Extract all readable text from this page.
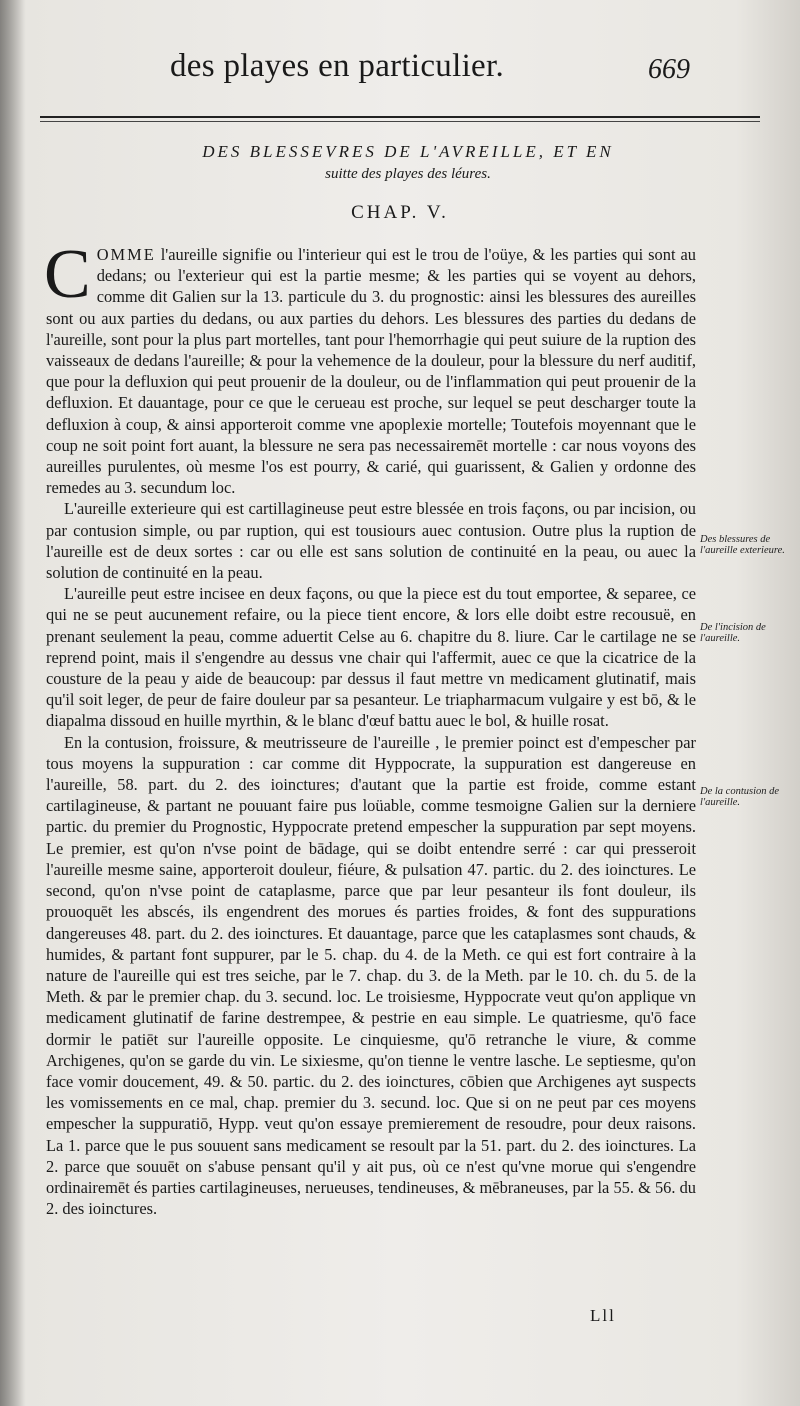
des playes en particulier.	669
DES BLESSEVRES DE L'AVREILLE, ET EN
suitte des playes des léures.
CHAP. V.

C OMME l'aureille signifie ou l'interieur qui est le trou de l'oüye, & les parties qui sont au dedans; ou l'exterieur qui est la partie mesme; & les parties qui se voyent au dehors, comme dit Galien sur la 13. particule du 3. du prognostic: ainsi les blessures des aureilles sont ou aux parties du dedans, ou aux parties du dehors. Les blessures des parties du dedans de l'aureille, sont pour la plus part mortelles, tant pour l'hemorrhagie qui peut suiure de la ruption des vaisseaux de dedans l'aureille; & pour la vehemence de la douleur, pour la blessure du nerf auditif, que pour la defluxion qui peut prouenir de la douleur, ou de l'inflammation qui peut prouenir de la defluxion. Et dauantage, pour ce que le cerueau est proche, sur lequel se peut descharger toute la defluxion à coup, & ainsi apporteroit comme vne apoplexie mortelle; Toutefois moyennant que le coup ne soit point fort auant, la blessure ne sera pas necessairemēt mortelle : car nous voyons des aureilles purulentes, où mesme l'os est pourry, & carié, qui guarissent, & Galien y ordonne des remedes au 3. secundum loc.

L'aureille exterieure qui est cartillagineuse peut estre blessée en trois façons, ou par incision, ou par contusion simple, ou par ruption, qui est tousiours auec contusion. Outre plus la ruption de l'aureille est de deux sortes : car ou elle est sans solution de continuité en la peau, ou auec la solution de continuité en la peau.

L'aureille peut estre incisee en deux façons, ou que la piece est du tout emportee, & separee, ce qui ne se peut aucunement refaire, ou la piece tient encore, & lors elle doibt estre recousuë, en prenant seulement la peau, comme aduertit Celse au 6. chapitre du 8. liure. Car le cartilage ne se reprend point, mais il s'engendre au dessus vne chair qui l'affermit, auec ce que la cicatrice de la cousture de la peau y aide de beaucoup: par dessus il faut mettre vn medicament glutinatif, mais qu'il soit leger, de peur de faire douleur par sa pesanteur. Le triapharmacum vulgaire y est bō, & le diapalma dissoud en huille myrthin, & le blanc d'œuf battu auec le bol, & huille rosat.

En la contusion, froissure, & meutrisseure de l'aureille , le premier poinct est d'empescher par tous moyens la suppuration : car comme dit Hyppocrate, la suppuration est dangereuse en l'aureille, 58. part. du 2. des ioinctures; d'autant que la partie est froide, comme estant cartilagineuse, & partant ne pouuant faire pus loüable, comme tesmoigne Galien sur la derniere partic. du premier du Prognostic, Hyppocrate pretend empescher la suppuration par sept moyens. Le premier, est qu'on n'vse point de bādage, qui se doibt entendre serré : car qui presseroit l'aureille mesme saine, apporteroit douleur, fiéure, & pulsation 47. partic. du 2. des ioinctures. Le second, qu'on n'vse point de cataplasme, parce que par leur pesanteur ils font douleur, ils prouoquēt les abscés, ils engendrent des morues és parties froides, & font des suppurations dangereuses 48. part. du 2. des ioinctures. Et dauantage, parce que les cataplasmes sont chauds, & humides, & partant font suppurer, par le 5. chap. du 4. de la Meth. ce qui est fort contraire à la nature de l'aureille qui est tres seiche, par le 7. chap. du 3. de la Meth. par le 10. ch. du 5. de la Meth. & par le premier chap. du 3. secund. loc. Le troisiesme, Hyppocrate veut qu'on applique vn medicament glutinatif de farine destrempee, & pestrie en eau simple. Le quatriesme, qu'ō face dormir le patiēt sur l'aureille opposite. Le cinquiesme, qu'ō retranche le viure, & comme Archigenes, qu'on se garde du vin. Le sixiesme, qu'on tienne le ventre lasche. Le septiesme, qu'on face vomir doucement, 49. & 50. partic. du 2. des ioinctures, cōbien que Archigenes ayt suspects les vomissements en ce mal, chap. premier du 3. secund. loc. Que si on ne peut par ces moyens empescher la suppuratiō, Hypp. veut qu'on essaye premierement de resoudre, pour deux raisons. La 1. parce que le pus souuent sans medicament se resoult par la 51. part. du 2. des ioinctures. La 2. parce que souuēt on s'abuse pensant qu'il y ait pus, où ce n'est qu'vne morue qui s'engendre ordinairemēt és parties cartilagineuses, nerueuses, tendineuses, & mēbraneuses, par la 55. & 56. du 2. des ioinctures.

Des blessures de l'aureille exterieure.
De l'incision de l'aureille.
De la contusion de l'aureille.
Lll
